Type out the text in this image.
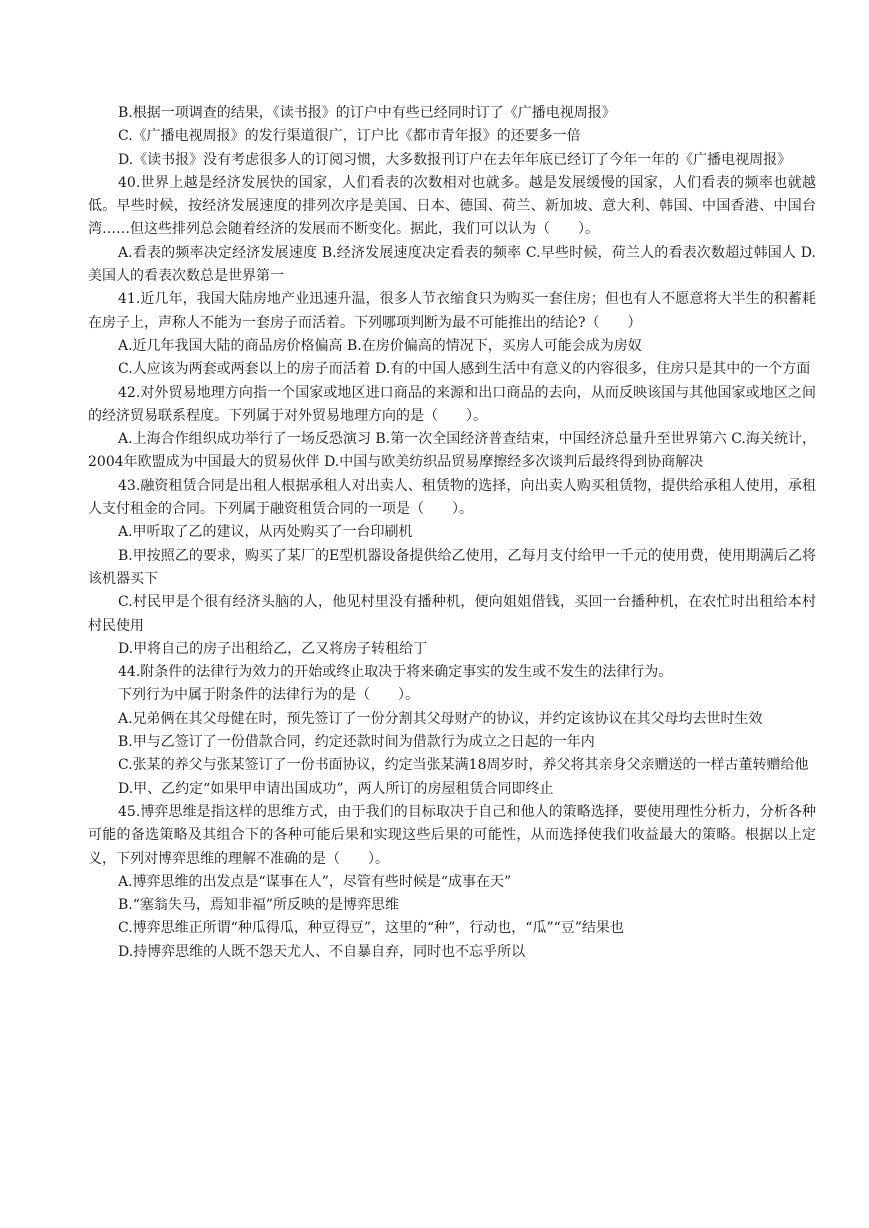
B.根据一项调查的结果，《读书报》的订户中有些已经同时订了《广播电视周报》

C.《广播电视周报》的发行渠道很广，订户比《都市青年报》的还要多一倍

D.《读书报》没有考虑很多人的订阅习惯，大多数报刊订户在去年年底已经订了今年一年的《广播电视周报》

40.世界上越是经济发展快的国家，人们看表的次数相对也就多。越是发展缓慢的国家，人们看表的频率也就越低。早些时候，按经济发展速度的排列次序是美国、日本、德国、荷兰、新加坡、意大利、韩国、中国香港、中国台湾……但这些排列总会随着经济的发展而不断变化。据此，我们可以认为（　　）。

A.看表的频率决定经济发展速度 B.经济发展速度决定看表的频率 C.早些时候，荷兰人的看表次数超过韩国人 D.美国人的看表次数总是世界第一

41.近几年，我国大陆房地产业迅速升温，很多人节衣缩食只为购买一套住房；但也有人不愿意将大半生的积蓄耗在房子上，声称人不能为一套房子而活着。下列哪项判断为最不可能推出的结论?（　　）

A.近几年我国大陆的商品房价格偏高 B.在房价偏高的情况下，买房人可能会成为房奴

C.人应该为两套或两套以上的房子而活着 D.有的中国人感到生活中有意义的内容很多，住房只是其中的一个方面

42.对外贸易地理方向指一个国家或地区进口商品的来源和出口商品的去向，从而反映该国与其他国家或地区之间的经济贸易联系程度。下列属于对外贸易地理方向的是（　　）。

A.上海合作组织成功举行了一场反恐演习 B.第一次全国经济普查结束，中国经济总量升至世界第六 C.海关统计，2004年欧盟成为中国最大的贸易伙伴 D.中国与欧美纺织品贸易摩擦经多次谈判后最终得到协商解决

43.融资租赁合同是出租人根据承租人对出卖人、租赁物的选择，向出卖人购买租赁物，提供给承租人使用，承租人支付租金的合同。下列属于融资租赁合同的一项是（　　）。

A.甲听取了乙的建议，从丙处购买了一台印刷机

B.甲按照乙的要求，购买了某厂的E型机器设备提供给乙使用，乙每月支付给甲一千元的使用费，使用期满后乙将该机器买下

C.村民甲是个很有经济头脑的人，他见村里没有播种机，便向姐姐借钱，买回一台播种机，在农忙时出租给本村村民使用

D.甲将自己的房子出租给乙，乙又将房子转租给丁

44.附条件的法律行为效力的开始或终止取决于将来确定事实的发生或不发生的法律行为。

下列行为中属于附条件的法律行为的是（　　）。

A.兄弟俩在其父母健在时，预先签订了一份分割其父母财产的协议，并约定该协议在其父母均去世时生效

B.甲与乙签订了一份借款合同，约定还款时间为借款行为成立之日起的一年内

C.张某的养父与张某签订了一份书面协议，约定当张某满18周岁时，养父将其亲身父亲赠送的一样古董转赠给他

D.甲、乙约定“如果甲申请出国成功”，两人所订的房屋租赁合同即终止

45.博弈思维是指这样的思维方式，由于我们的目标取决于自己和他人的策略选择，要使用理性分析力，分析各种可能的备选策略及其组合下的各种可能后果和实现这些后果的可能性，从而选择使我们收益最大的策略。根据以上定义，下列对博弈思维的理解不准确的是（　　）。

A.博弈思维的出发点是“谋事在人”，尽管有些时候是“成事在天”

B.“塞翁失马，焉知非福”所反映的是博弈思维

C.博弈思维正所谓“种瓜得瓜，种豆得豆”，这里的“种”，行动也，“瓜”“豆”结果也

D.持博弈思维的人既不怨天尤人、不自暴自弃，同时也不忘乎所以
